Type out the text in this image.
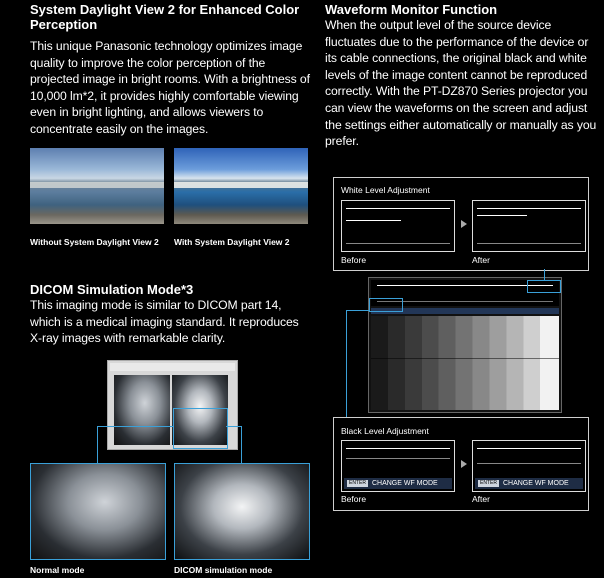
System Daylight View 2 for Enhanced Color Perception
This unique Panasonic technology optimizes image quality to improve the color perception of the projected image in bright rooms. With a brightness of 10,000 lm*2, it provides highly comfortable viewing even in bright lighting, and allows viewers to concentrate easily on the images.
Without System Daylight View 2 With System Daylight View 2
DICOM Simulation Mode*3
This imaging mode is similar to DICOM part 14, which is a medical imaging standard. It reproduces X-ray images with remarkable clarity.
Normal mode	DICOM simulation mode
Waveform Monitor Function
When the output level of the source device fluctuates due to the performance of the device or its cable connections, the original black and white levels of the image content cannot be reproduced correctly. With the PT-DZ870 Series projector you can view the waveforms on the screen and adjust the settings either automatically or manually as you prefer.
White Level Adjustment
Before	After
Black Level Adjustment
ENTER CHANGE WF MODE	ENTER CHANGE WF MODE
Before	After
